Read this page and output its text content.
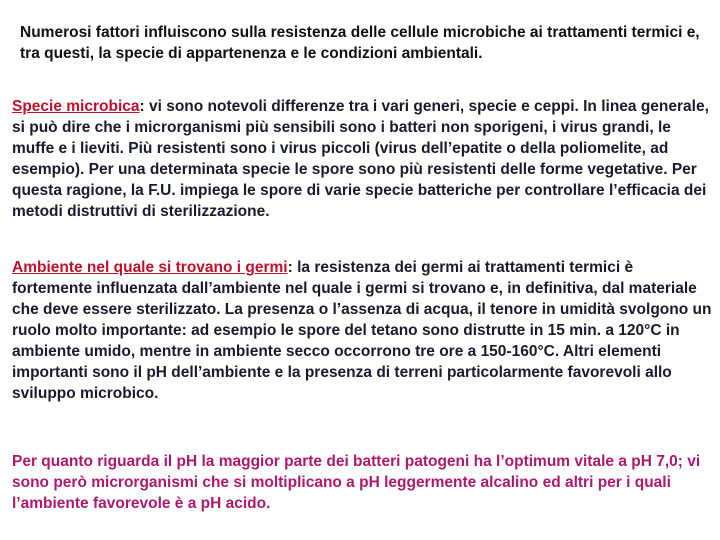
Numerosi fattori influiscono sulla resistenza delle cellule microbiche ai trattamenti termici e, tra questi, la specie di appartenenza e le condizioni ambientali.

Specie microbica: vi sono notevoli differenze tra i vari generi, specie e ceppi. In linea generale, si può dire che i microrganismi più sensibili sono i batteri non sporigeni, i virus grandi, le muffe e i lieviti. Più resistenti sono i virus piccoli (virus dell’epatite o della poliomelite, ad esempio). Per una determinata specie le spore sono più resistenti delle forme vegetative. Per questa ragione, la F.U. impiega le spore di varie specie batteriche per controllare l’efficacia dei metodi distruttivi di sterilizzazione.

Ambiente nel quale si trovano i germi: la resistenza dei germi ai trattamenti termici è fortemente influenzata dall’ambiente nel quale i germi si trovano e, in definitiva, dal materiale che deve essere sterilizzato. La presenza o l’assenza di acqua, il tenore in umidità svolgono un ruolo molto importante: ad esempio le spore del tetano sono distrutte in 15 min. a 120°C in ambiente umido, mentre in ambiente secco occorrono tre ore a 150-160°C. Altri elementi importanti sono il pH dell’ambiente e la presenza di terreni particolarmente favorevoli allo sviluppo microbico.

Per quanto riguarda il pH la maggior parte dei batteri patogeni ha l’optimum vitale a pH 7,0; vi sono però microrganismi che si moltiplicano a pH leggermente alcalino ed altri per i quali l’ambiente favorevole è a pH acido.
